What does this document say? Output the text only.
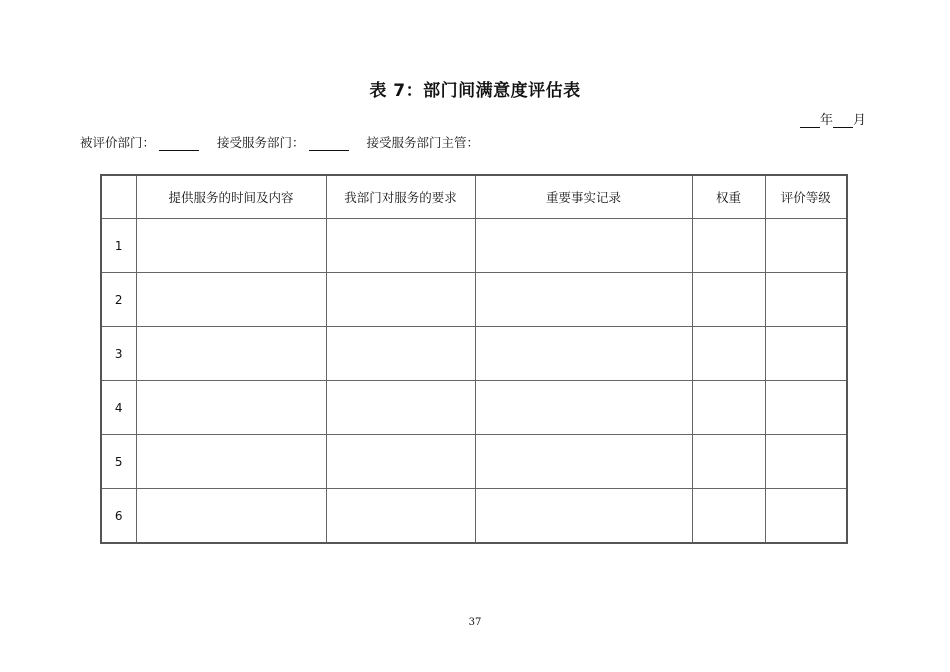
表 7：部门间满意度评估表
年 月
被评价部门：	接受服务部门：	接受服务部门主管：
	提供服务的时间及内容	我部门对服务的要求	重要事实记录	权重	评价等级
1					
2					
3					
4					
5					
6					
37
